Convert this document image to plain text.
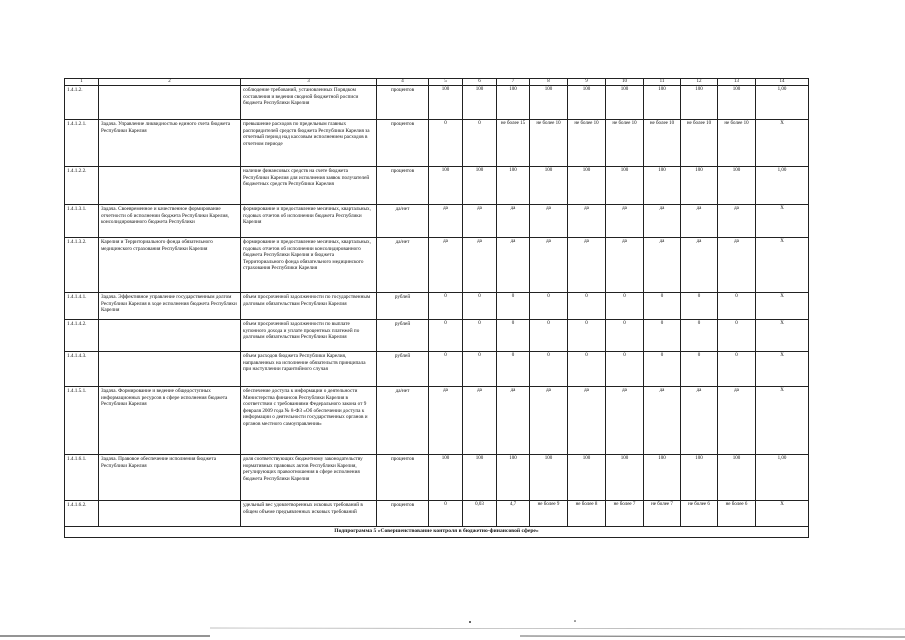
1	2	3	4	5	6	7	8	9	10	11	12	13	14
1.4.1.2.		соблюдение требований, установленных Порядком составления и ведения сводной бюджетной росписи бюджета Республики Карелия	процентов	100	100	100	100	100	100	100	100	100	1,00
1.4.1.2.1.	Задача. Управление ликвидностью единого счета бюджета Республики Карелия	превышение расходов по предельным главных распорядителей средств бюджета Республики Карелия за отчетный период над кассовым исполнением расходов в отчетном периоде	процентов	0	0	не более 15	не более 10	не более 10	не более 10	не более 10	не более 10	не более 10	Х
1.4.1.2.2.		наличие финансовых средств на счете бюджета Республики Карелия для исполнения заявок получателей бюджетных средств Республики Карелия	процентов	100	100	100	100	100	100	100	100	100	1,00
1.4.1.3.1.	Задача. Своевременное и качественное формирование отчетности об исполнении бюджета Республики Карелия, консолидированного бюджета Республики	формирование и предоставление месячных, квартальных, годовых отчетов об исполнении бюджета Республики Карелия	да/нет	да	да	да	да	да	да	да	да	да	Х
1.4.1.3.2.	Карелия и Территориального фонда обязательного медицинского страхования Республики Карелия	формирование и предоставление месячных, квартальных, годовых отчетов об исполнении консолидированного бюджета Республики Карелия и бюджета Территориального фонда обязательного медицинского страхования Республики Карелия	да/нет	да	да	да	да	да	да	да	да	да	Х
1.4.1.4.1.	Задача. Эффективное управление государственным долгом Республики Карелия в ходе исполнения бюджета Республики Карелия	объем просроченной задолженности по государственным долговым обязательствам Республики Карелия	рублей	0	0	0	0	0	0	0	0	0	Х
1.4.1.4.2.		объем просроченной задолженности по выплате купонного дохода и уплате процентных платежей по долговым обязательствам Республики Карелия	рублей	0	0	0	0	0	0	0	0	0	Х
1.4.1.4.3.		объем расходов бюджета Республики Карелия, направленных на исполнение обязательств принципала при наступлении гарантийного случая	рублей	0	0	0	0	0	0	0	0	0	Х
1.4.1.5.1.	Задача. Формирование и ведение общедоступных информационных ресурсов в сфере исполнения бюджета Республики Карелия	обеспечение доступа к информации о деятельности Министерства финансов Республики Карелия в соответствии с требованиями Федерального закона от 9 февраля 2009 года № 8-ФЗ «Об обеспечении доступа к информации о деятельности государственных органов и органов местного самоуправления»	да/нет	да	да	да	да	да	да	да	да	да	Х
1.4.1.6.1.	Задача. Правовое обеспечение исполнения бюджета Республики Карелия	доля соответствующих бюджетному законодательству нормативных правовых актов Республики Карелия, регулирующих правоотношения в сфере исполнения бюджета Республики Карелия	процентов	100	100	100	100	100	100	100	100	100	1,00
1.4.1.6.2.		удельный вес удовлетворенных исковых требований в общем объеме предъявленных исковых требований	процентов	0	0,03	4,7	не более 9	не более 8	не более 7	не более 7	не более 6	не более 6	Х
Подпрограмма 5 «Совершенствование контроля в бюджетно-финансовой сфере»													
